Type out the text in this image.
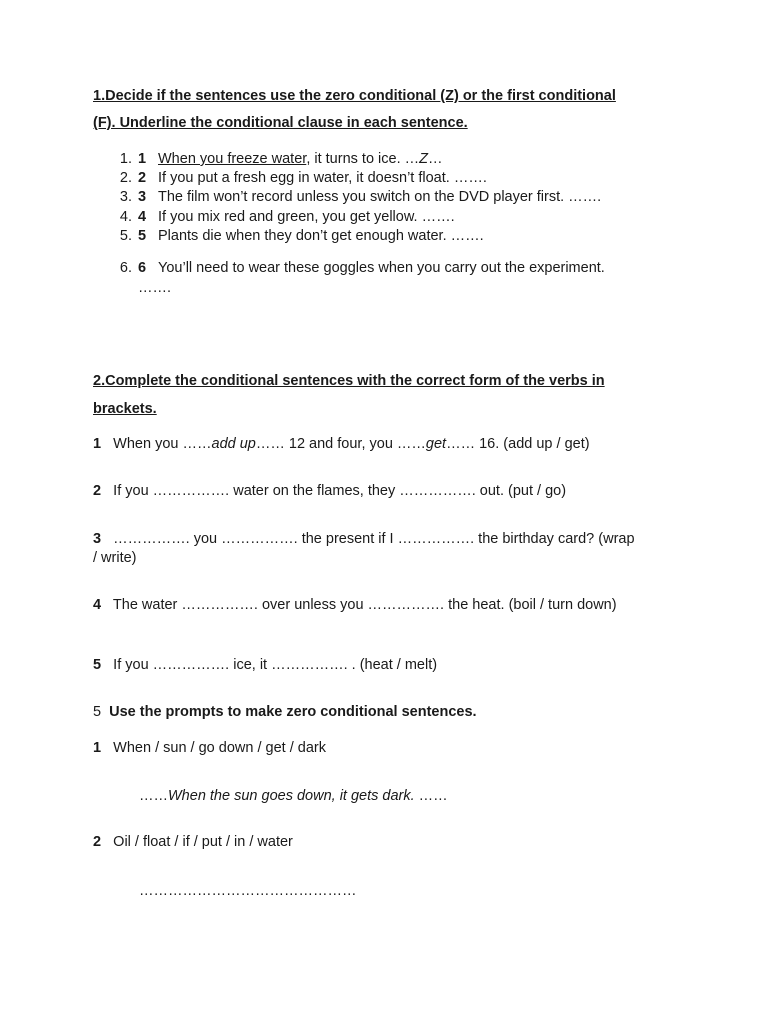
1.Decide if the sentences use the zero conditional (Z) or the first conditional
(F). Underline the conditional clause in each sentence.
1. 1 When you freeze water, it turns to ice. …Z…
2. 2 If you put a fresh egg in water, it doesn’t float. …….
3. 3 The film won’t record unless you switch on the DVD player first. …….
4. 4 If you mix red and green, you get yellow. …….
5. 5 Plants die when they don’t get enough water. …….
6. 6 You’ll need to wear these goggles when you carry out the experiment.
…….
2.Complete the conditional sentences with the correct form of the verbs in
brackets.
1 When you ……add up…… 12 and four, you ……get…… 16. (add up / get)
2 If you ……………. water on the flames, they ……………. out. (put / go)
3 ……………. you ……………. the present if I ……………. the birthday card? (wrap
/ write)
4 The water ……………. over unless you ……………. the heat. (boil / turn down)
5 If you ……………. ice, it ……………. . (heat / melt)
5 Use the prompts to make zero conditional sentences.
1 When / sun / go down / get / dark
……When the sun goes down, it gets dark. ……
2 Oil / float / if / put / in / water
………………………………………
